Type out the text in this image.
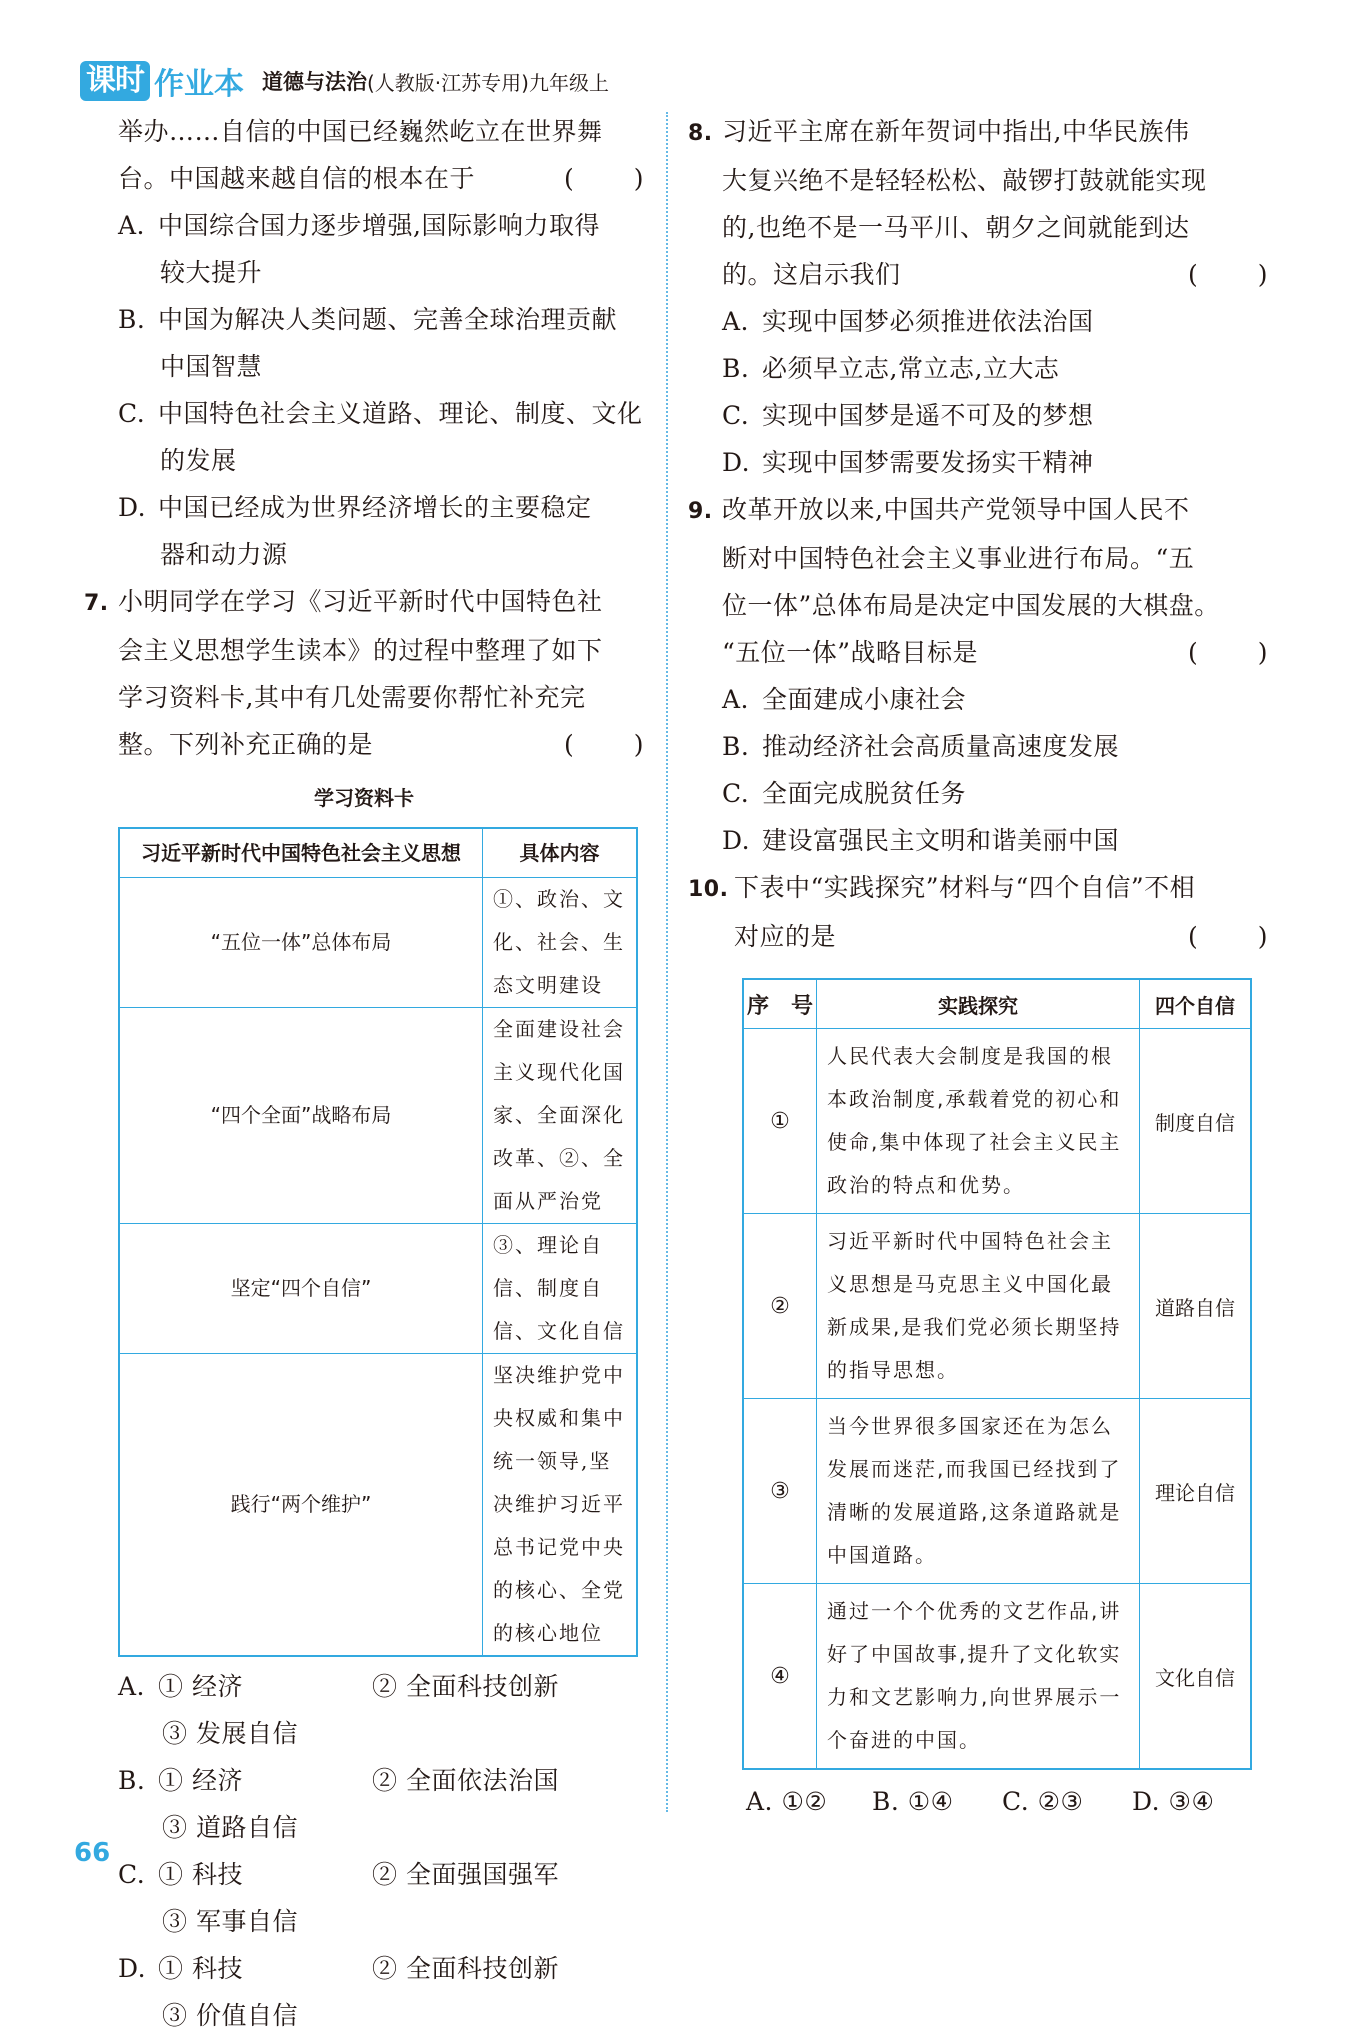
课时 作业本 道德与法治 (人教版·江苏专用)九年级上
举办……自信的中国已经巍然屹立在世界舞
台。中国越来越自信的根本在于	( )
A. 中国综合国力逐步增强,国际影响力取得
较大提升
B. 中国为解决人类问题、完善全球治理贡献
中国智慧
C. 中国特色社会主义道路、理论、制度、文化
的发展
D. 中国已经成为世界经济增长的主要稳定
器和动力源
7. 小明同学在学习《习近平新时代中国特色社
会主义思想学生读本》的过程中整理了如下
学习资料卡,其中有几处需要你帮忙补充完
整。下列补充正确的是	( )
学习资料卡
习近平新时代中国特色社会主义思想	具体内容
“五位一体”总体布局	①、政治、文化、社会、生态文明建设
“四个全面”战略布局	全面建设社会主义现代化国家、全面深化改革、②、全面从严治党
坚定“四个自信”	③、理论自信、制度自信、文化自信
践行“两个维护”	坚决维护党中央权威和集中统一领导,坚决维护习近平总书记党中央的核心、全党的核心地位
A. ① 经济	② 全面科技创新
③ 发展自信
B. ① 经济	② 全面依法治国
③ 道路自信
C. ① 科技	② 全面强国强军
③ 军事自信
D. ① 科技	② 全面科技创新
③ 价值自信
8. 习近平主席在新年贺词中指出,中华民族伟
大复兴绝不是轻轻松松、敲锣打鼓就能实现
的,也绝不是一马平川、朝夕之间就能到达
的。这启示我们	( )
A. 实现中国梦必须推进依法治国
B. 必须早立志,常立志,立大志
C. 实现中国梦是遥不可及的梦想
D. 实现中国梦需要发扬实干精神
9. 改革开放以来,中国共产党领导中国人民不
断对中国特色社会主义事业进行布局。“五
位一体”总体布局是决定中国发展的大棋盘。
“五位一体”战略目标是	( )
A. 全面建成小康社会
B. 推动经济社会高质量高速度发展
C. 全面完成脱贫任务
D. 建设富强民主文明和谐美丽中国
10. 下表中“实践探究”材料与“四个自信”不相
对应的是	( )
序　号	实践探究	四个自信
①	人民代表大会制度是我国的根本政治制度,承载着党的初心和使命,集中体现了社会主义民主政治的特点和优势。	制度自信
②	习近平新时代中国特色社会主义思想是马克思主义中国化最新成果,是我们党必须长期坚持的指导思想。	道路自信
③	当今世界很多国家还在为怎么发展而迷茫,而我国已经找到了清晰的发展道路,这条道路就是中国道路。	理论自信
④	通过一个个优秀的文艺作品,讲好了中国故事,提升了文化软实力和文艺影响力,向世界展示一个奋进的中国。	文化自信
A. ①② B. ①④ C. ②③ D. ③④
66
